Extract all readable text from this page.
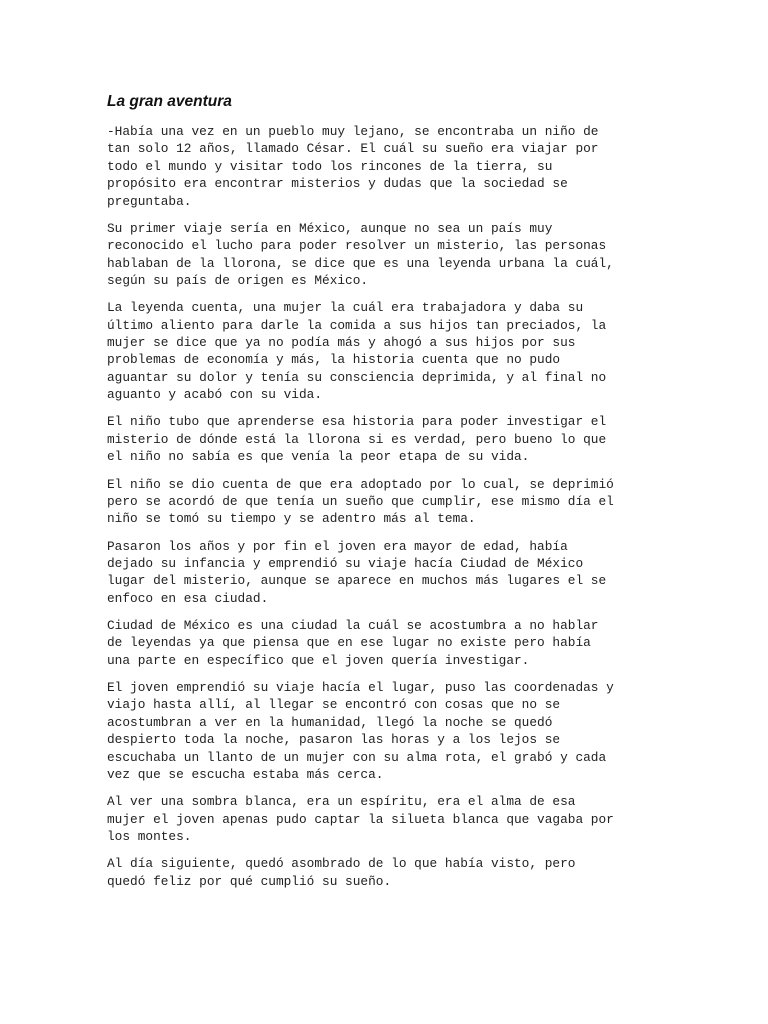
La gran aventura

-Había una vez en un pueblo muy lejano, se encontraba un niño de
tan solo 12 años, llamado César. El cuál su sueño era viajar por
todo el mundo y visitar todo los rincones de la tierra, su
propósito era encontrar misterios y dudas que la sociedad se
preguntaba.

Su primer viaje sería en México, aunque no sea un país muy
reconocido el lucho para poder resolver un misterio, las personas
hablaban de la llorona, se dice que es una leyenda urbana la cuál,
según su país de origen es México.

La leyenda cuenta, una mujer la cuál era trabajadora y daba su
último aliento para darle la comida a sus hijos tan preciados, la
mujer se dice que ya no podía más y ahogó a sus hijos por sus
problemas de economía y más, la historia cuenta que no pudo
aguantar su dolor y tenía su consciencia deprimida, y al final no
aguanto y acabó con su vida.

El niño tubo que aprenderse esa historia para poder investigar el
misterio de dónde está la llorona si es verdad, pero bueno lo que
el niño no sabía es que venía la peor etapa de su vida.

El niño se dio cuenta de que era adoptado por lo cual, se deprimió
pero se acordó de que tenía un sueño que cumplir, ese mismo día el
niño se tomó su tiempo y se adentro más al tema.

Pasaron los años y por fin el joven era mayor de edad, había
dejado su infancia y emprendió su viaje hacía Ciudad de México
lugar del misterio, aunque se aparece en muchos más lugares el se
enfoco en esa ciudad.

Ciudad de México es una ciudad la cuál se acostumbra a no hablar
de leyendas ya que piensa que en ese lugar no existe pero había
una parte en específico que el joven quería investigar.

El joven emprendió su viaje hacía el lugar, puso las coordenadas y
viajo hasta allí, al llegar se encontró con cosas que no se
acostumbran a ver en la humanidad, llegó la noche se quedó
despierto toda la noche, pasaron las horas y a los lejos se
escuchaba un llanto de un mujer con su alma rota, el grabó y cada
vez que se escucha estaba más cerca.

Al ver una sombra blanca, era un espíritu, era el alma de esa
mujer el joven apenas pudo captar la silueta blanca que vagaba por
los montes.

Al día siguiente, quedó asombrado de lo que había visto, pero
quedó feliz por qué cumplió su sueño.
